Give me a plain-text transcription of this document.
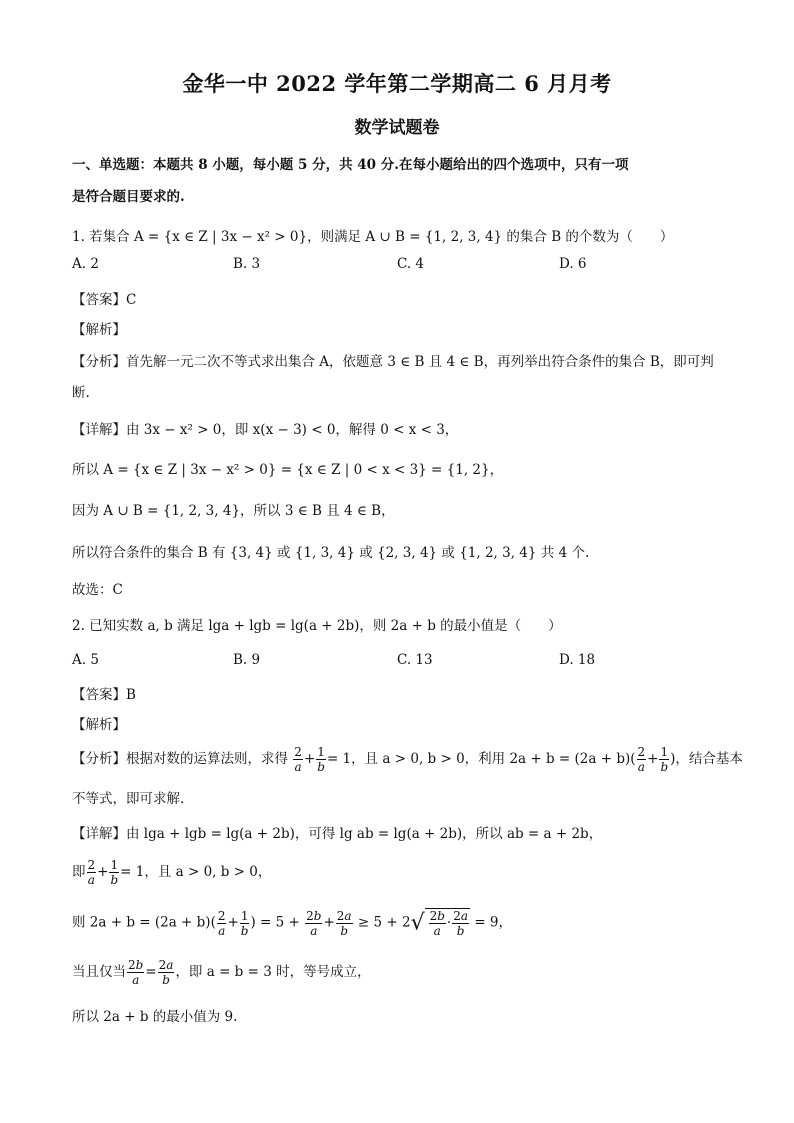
金华一中 2022 学年第二学期高二 6 月月考
数学试题卷
一、单选题：本题共 8 小题，每小题 5 分，共 40 分.在每小题给出的四个选项中，只有一项
是符合题目要求的.
1. 若集合 A = {x ∈ Z | 3x − x² > 0}，则满足 A ∪ B = {1, 2, 3, 4} 的集合 B 的个数为（　　）
A. 2	B. 3	C. 4	D. 6
【答案】C
【解析】
【分析】首先解一元二次不等式求出集合 A，依题意 3 ∈ B 且 4 ∈ B，再列举出符合条件的集合 B，即可判
断.
【详解】由 3x − x² > 0，即 x(x − 3) < 0，解得 0 < x < 3，
所以 A = {x ∈ Z | 3x − x² > 0} = {x ∈ Z | 0 < x < 3} = {1, 2}，
因为 A ∪ B = {1, 2, 3, 4}，所以 3 ∈ B 且 4 ∈ B，
所以符合条件的集合 B 有 {3, 4} 或 {1, 3, 4} 或 {2, 3, 4} 或 {1, 2, 3, 4} 共 4 个.
故选：C
2. 已知实数 a, b 满足 lga + lgb = lg(a + 2b)，则 2a + b 的最小值是（　　）
A. 5	B. 9	C. 13	D. 18
【答案】B
【解析】
【分析】根据对数的运算法则，求得 $\frac{2}{a} + \frac{1}{b} = 1$，且 a > 0, b > 0，利用 $2a + b = (2a + b)( \frac{2}{a} + \frac{1}{b}$ )，结合基本
不等式，即可求解.
【详解】由 lga + lgb = lg(a + 2b)，可得 lg ab = lg(a + 2b)，所以 ab = a + 2b，
即 $\frac{2}{a} + \frac{1}{b} = 1$，且 a > 0, b > 0，
则 $2a + b = (2a + b)( \frac{2}{a} + \frac{1}{b}$ ) = $5 + \frac{2b}{a} + \frac{2a}{b} \ge 5 + 2√ \frac{2b}{a} \cdot \frac{2a}{b} = 9$，
当且仅当 $\frac{2b}{a} = \frac{2a}{b}$ ，即 a = b = 3 时，等号成立，
所以 2a + b 的最小值为 9.
